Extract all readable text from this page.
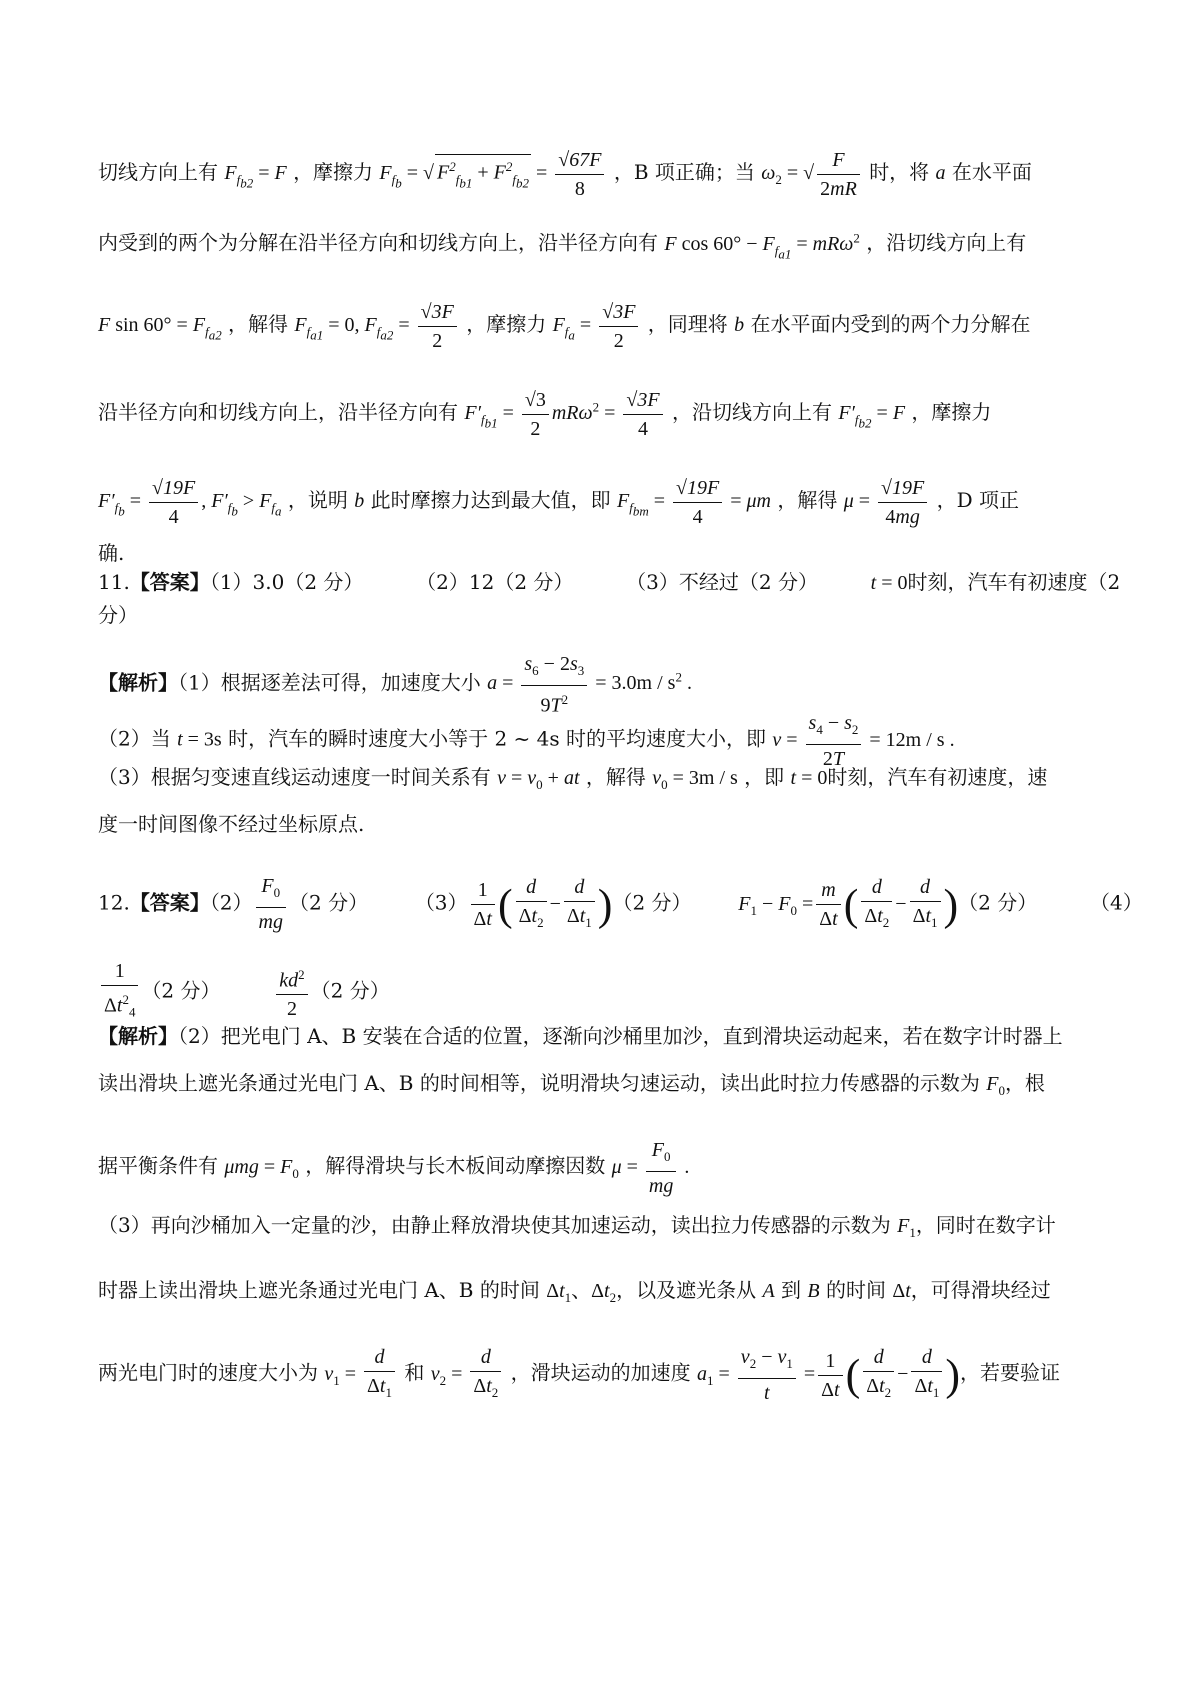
切线方向上有 $F_{f_{b2}} = F$ ，摩擦力 $F_{f_b}$ = √ $F^2_{f_{b1}} + F^2_{f_{b2}} = \frac{√67F}{8}$ ，B 项正确；当 $\omega_2$ = √ $\frac{F}{2mR}$ 时，将 a 在水平面
内受到的两个为分解在沿半径方向和切线方向上，沿半径方向有 F $\cos 60^\circ - F_{f_{a1}} = mR\omega^2$ ，沿切线方向上有
F $\sin 60^\circ = F_{f_{a2}}$ ，解得 $F_{f_{a1}} = 0$, $F_{f_{a2}} = \frac{√3F}{2}$ ，摩擦力 $F_{f_a} = \frac{√3F}{2}$ ，同理将 b 在水平面内受到的两个力分解在
沿半径方向和切线方向上，沿半径方向有 $F'_{f_{b1}} = \frac{√3}{2} mR\omega^2 = \frac{√3F}{4}$ ，沿切线方向上有 $F'_{f_{b2}} = F$ ，摩擦力
$F'_{f_b} = \frac{√19F}{4}$ , $F'_{f_b} > F_{f_a}$ ，说明 b 此时摩擦力达到最大值，即 $F_{f_{bm}} = \frac{√19F}{4} = \mu m$ ，解得 $\mu = \frac{√19F}{4mg}$ ，D 项正
确.
11.【答案】（1）3.0（2 分）	（2）12（2 分）	（3）不经过（2 分）	t = 0时刻，汽车有初速度（2
分）
【解析】（1）根据逐差法可得，加速度大小 $a = \frac{s_6 - 2s_3}{9T^2} = 3.0m / s^2$ .
（2）当 t = 3s 时，汽车的瞬时速度大小等于 2 ~ 4s 时的平均速度大小，即 $v = \frac{s_4 - s_2}{2T} = 12m / s$ .
（3）根据匀变速直线运动速度一时间关系有 $v = v_0$ + at ，解得 $v_0 = 3m / s$ ，即 t = 0时刻，汽车有初速度，速
度一时间图像不经过坐标原点.
12.【答案】$(2) \frac{F_0}{mg} (2$ 分） $(3) \frac{1}{\Delta t}$ ( $\frac{d}{\Delta t_2} - \frac{d}{\Delta t_1} )(2$ 分） $F_1 - F_0 = \frac{m}{\Delta t}$ ( $\frac{d}{\Delta t_2} - \frac{d}{\Delta t_1} )(2$ 分）	（4）
$\frac{1}{\Delta t^2_4} (2$ 分）	$\frac{kd^2}{2} (2$ 分）
【解析】（2）把光电门 A、B 安装在合适的位置，逐渐向沙桶里加沙，直到滑块运动起来，若在数字计时器上
读出滑块上遮光条通过光电门 A、B 的时间相等，说明滑块匀速运动，读出此时拉力传感器的示数为 $F_0$，根
据平衡条件有 $\mu mg = F_0$ ，解得滑块与长木板间动摩擦因数 $\mu = \frac{F_0}{mg}$ .
（3）再向沙桶加入一定量的沙，由静止释放滑块使其加速运动，读出拉力传感器的示数为 $F_1$，同时在数字计
时器上读出滑块上遮光条通过光电门 A、B 的时间 $\Delta t_1$、$\Delta t_2$，以及遮光条从 A 到 B 的时间 Δt，可得滑块经过
两光电门时的速度大小为 $v_1 = \frac{d}{\Delta t_1}$ 和 $v_2 = \frac{d}{\Delta t_2}$ ，滑块运动的加速度 $a_1 = \frac{v_2 - v_1}{t} = \frac{1}{\Delta t}$ ( $\frac{d}{\Delta t_2} - \frac{d}{\Delta t_1}$ )，若要验证
